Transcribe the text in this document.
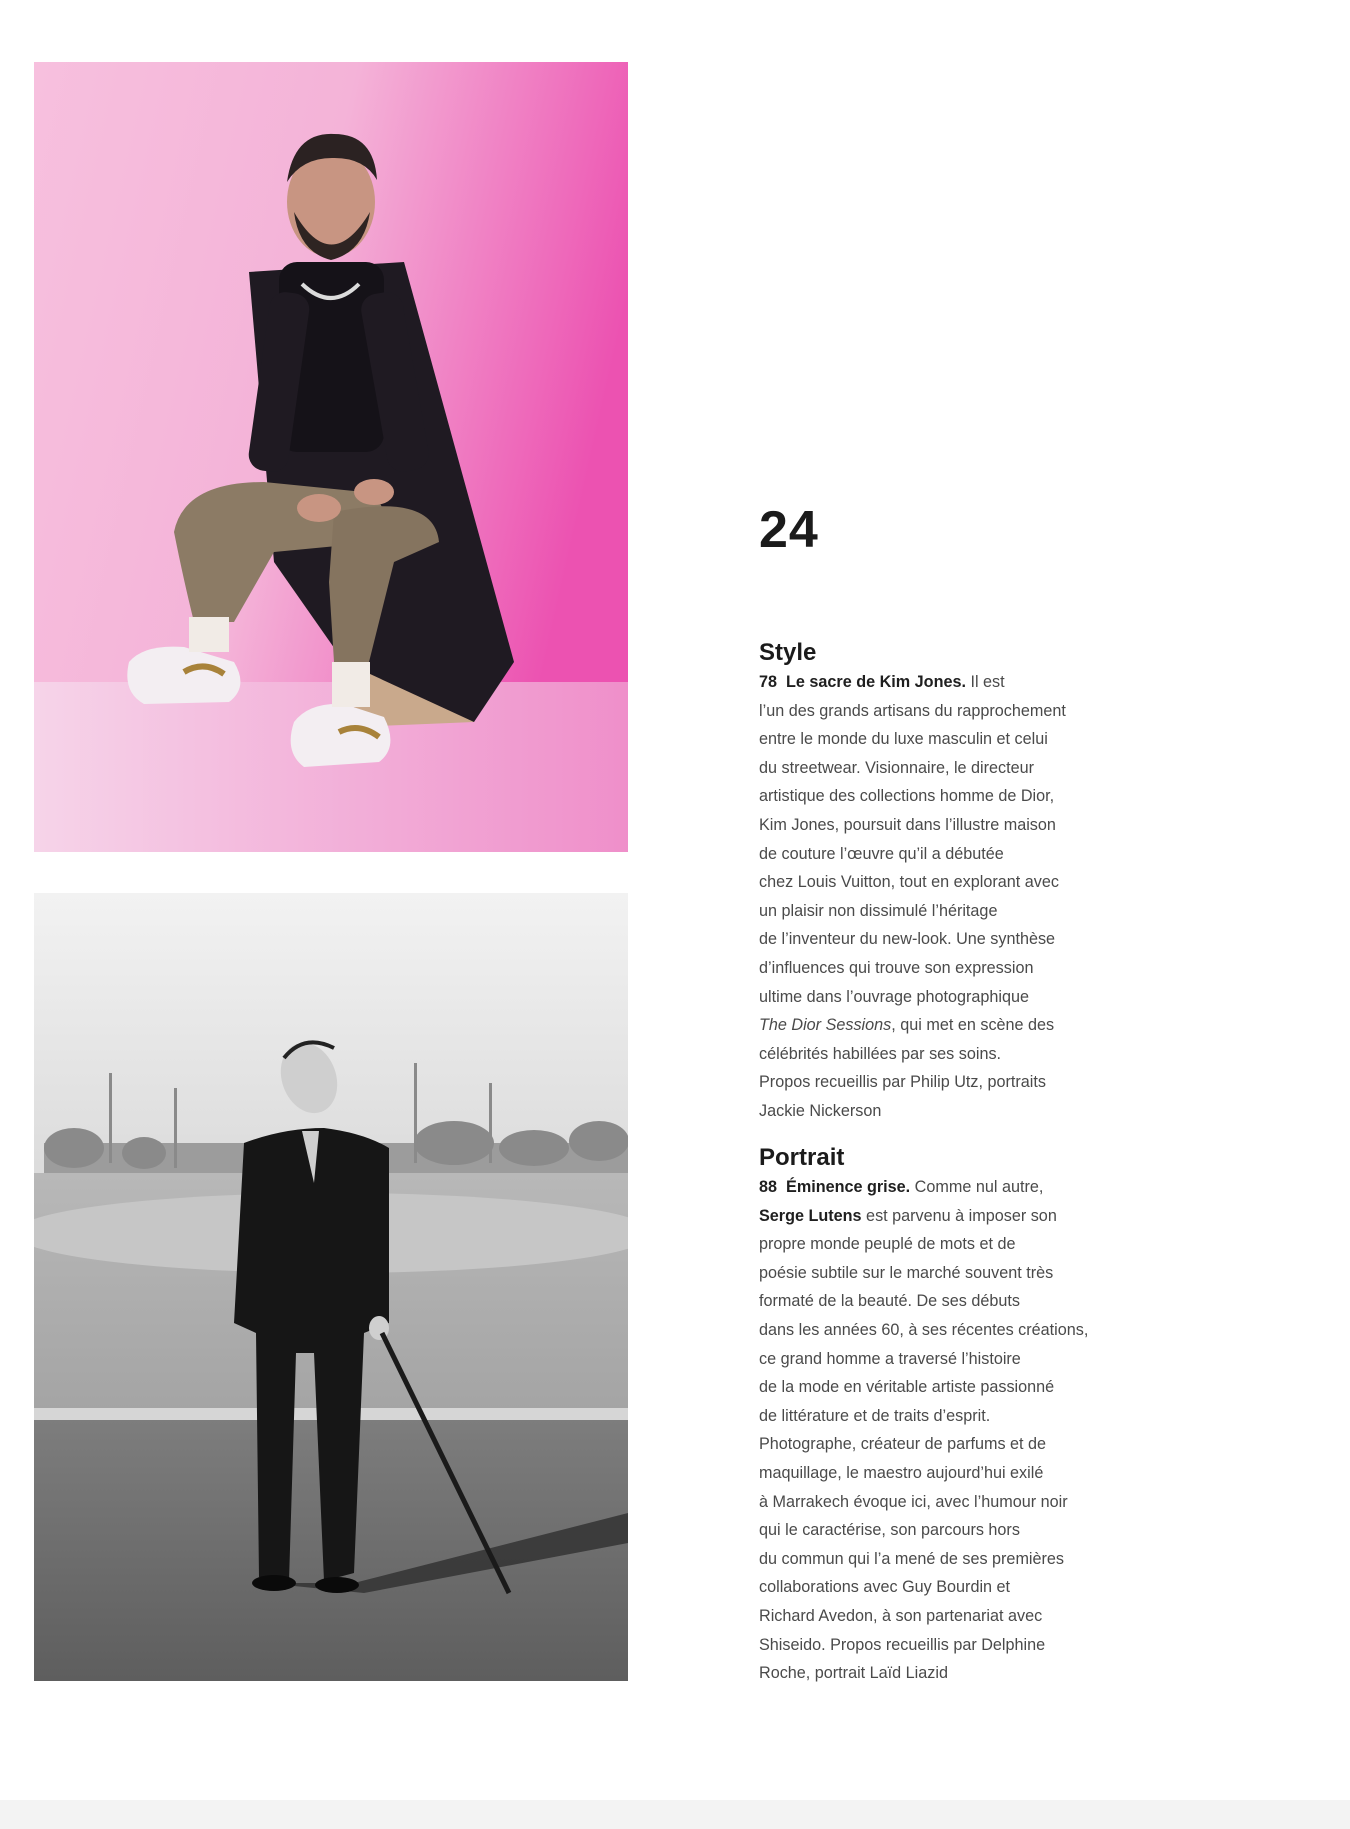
24
Style

78 Le sacre de Kim Jones. Il est
l’un des grands artisans du rapprochement
entre le monde du luxe masculin et celui
du streetwear. Visionnaire, le directeur
artistique des collections homme de Dior,
Kim Jones, poursuit dans l’illustre maison
de couture l’œuvre qu’il a débutée
chez Louis Vuitton, tout en explorant avec
un plaisir non dissimulé l’héritage
de l’inventeur du new-look. Une synthèse
d’influences qui trouve son expression
ultime dans l’ouvrage photographique
The Dior Sessions, qui met en scène des
célébrités habillées par ses soins.
Propos recueillis par Philip Utz, portraits
Jackie Nickerson

Portrait

88 Éminence grise. Comme nul autre,
Serge Lutens est parvenu à imposer son
propre monde peuplé de mots et de
poésie subtile sur le marché souvent très
formaté de la beauté. De ses débuts
dans les années 60, à ses récentes créations,
ce grand homme a traversé l’histoire
de la mode en véritable artiste passionné
de littérature et de traits d’esprit.
Photographe, créateur de parfums et de
maquillage, le maestro aujourd’hui exilé
à Marrakech évoque ici, avec l’humour noir
qui le caractérise, son parcours hors
du commun qui l’a mené de ses premières
collaborations avec Guy Bourdin et
Richard Avedon, à son partenariat avec
Shiseido. Propos recueillis par Delphine
Roche, portrait Laïd Liazid
